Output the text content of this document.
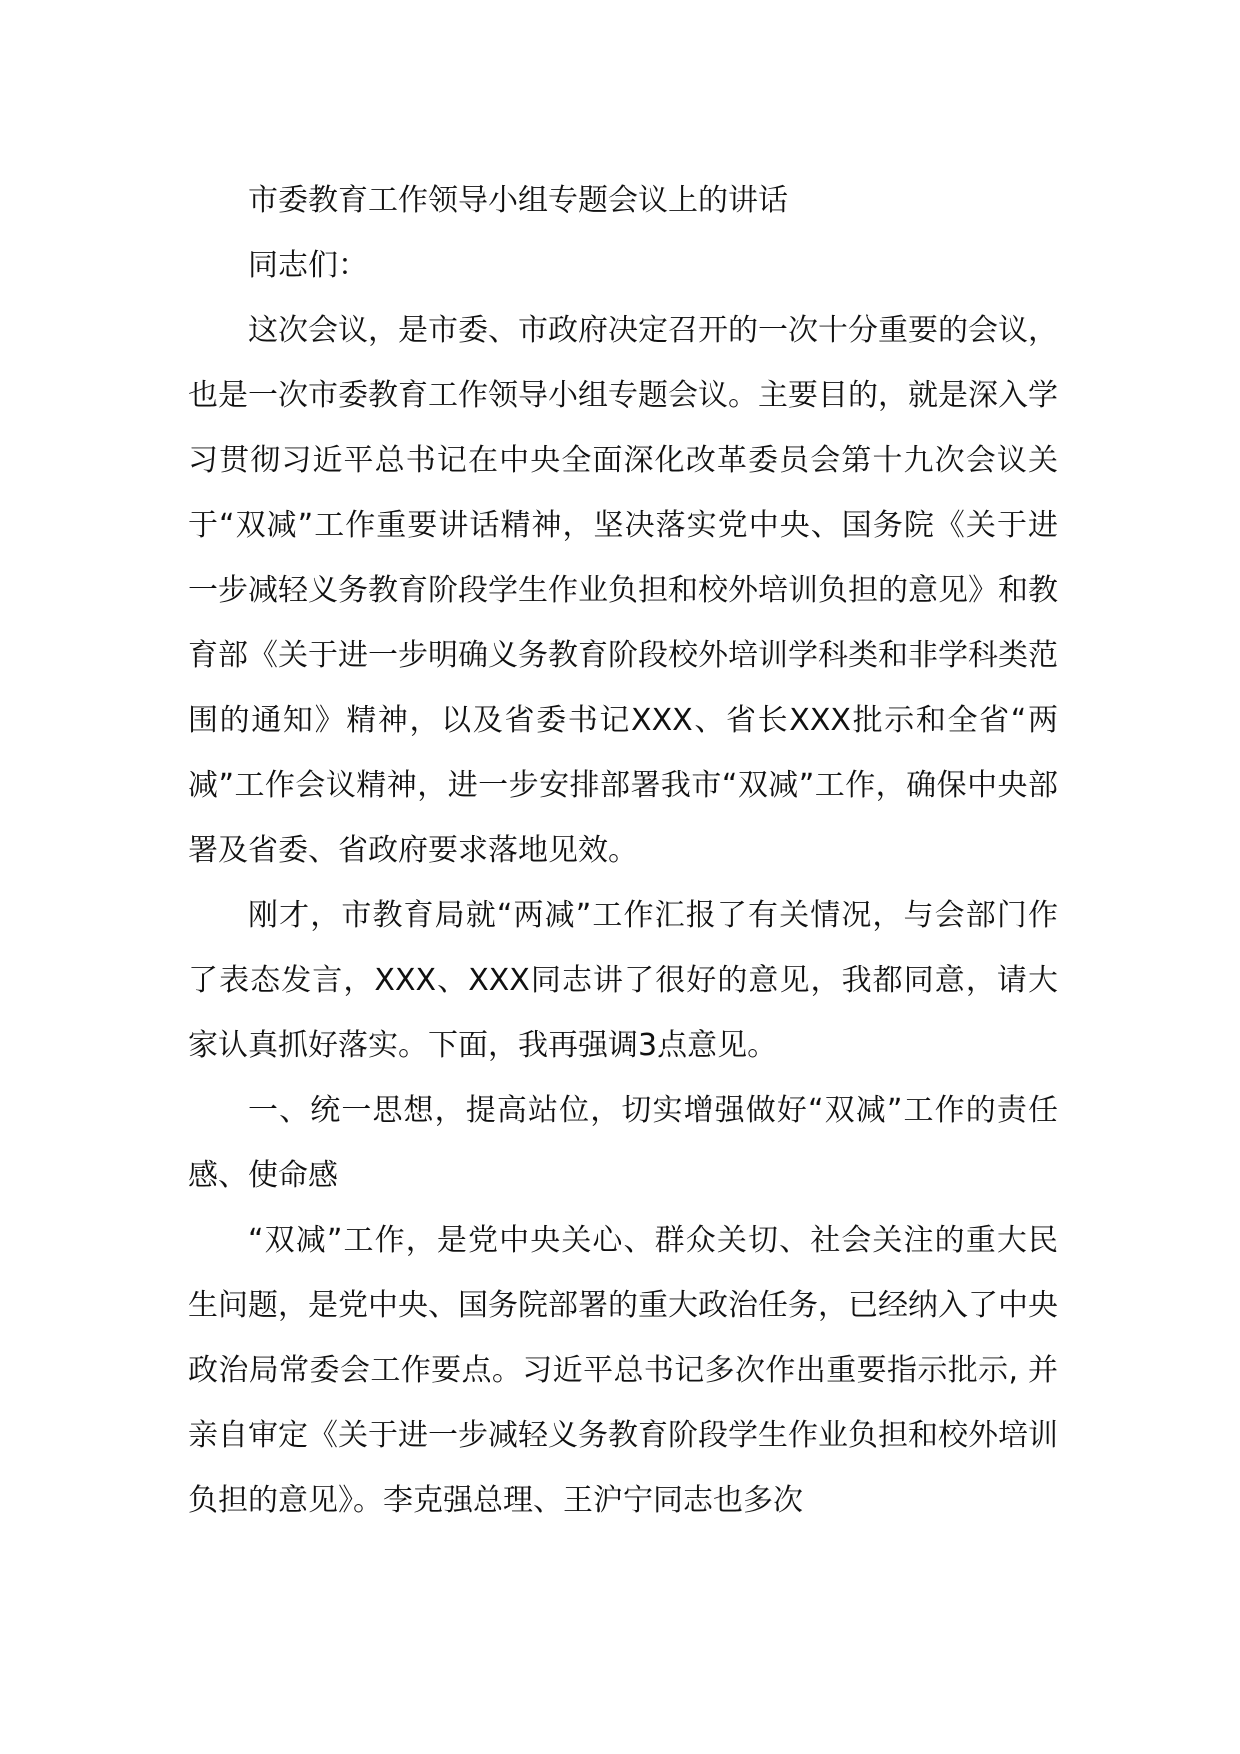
市委教育工作领导小组专题会议上的讲话

同志们：

这次会议，是市委、市政府决定召开的一次十分重要的会议，也是一次市委教育工作领导小组专题会议。主要目的，就是深入学习贯彻习近平总书记在中央全面深化改革委员会第十九次会议关于“双减”工作重要讲话精神，坚决落实党中央、国务院《关于进一步减轻义务教育阶段学生作业负担和校外培训负担的意见》和教育部《关于进一步明确义务教育阶段校外培训学科类和非学科类范围的通知》精神，以及省委书记XXX、省长XXX批示和全省“两减”工作会议精神，进一步安排部署我市“双减”工作，确保中央部署及省委、省政府要求落地见效。

刚才，市教育局就“两减”工作汇报了有关情况，与会部门作了表态发言，XXX、XXX同志讲了很好的意见，我都同意，请大家认真抓好落实。下面，我再强调3点意见。

一、统一思想，提高站位，切实增强做好“双减”工作的责任感、使命感

“双减”工作，是党中央关心、群众关切、社会关注的重大民生问题，是党中央、国务院部署的重大政治任务，已经纳入了中央政治局常委会工作要点。习近平总书记多次作出重要指示批示, 并亲自审定《关于进一步减轻义务教育阶段学生作业负担和校外培训负担的意见》。李克强总理、王沪宁同志也多次
